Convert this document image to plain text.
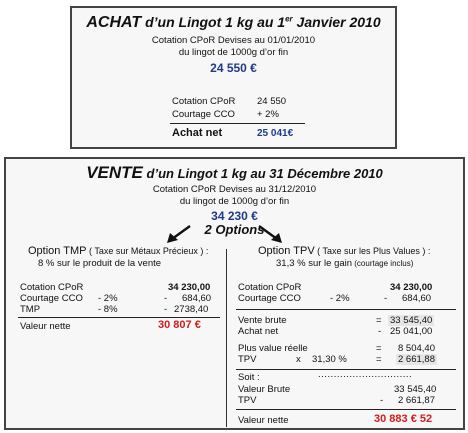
ACHAT d’un Lingot 1 kg au 1er Janvier 2010
Cotation CPoR Devises au 01/01/2010
du lingot de 1000g d’or fin
24 550 €
Cotation CPoR 24 550
Courtage CCO + 2%
Achat net	25 041€
VENTE d’un Lingot 1 kg au 31 Décembre 2010
Cotation CPoR Devises au 31/12/2010
du lingot de 1000g d’or fin
34 230 €
2 Options
Option TMP ( Taxe sur Métaux Précieux ) :
8 % sur le produit de la vente
Cotation CPoR	34 230,00
Courtage CCO - 2%	- 684,60
TMP	- 8%	- 2738,40
Valeur nette	30 807 €
Option TPV ( Taxe sur les Plus Values ) :
31,3 % sur le gain (courtage inclus)
Cotation CPoR	34 230,00
Courtage CCO	- 2%	- 684,60
Vente brute	= 33 545,40
Achat net	- 25 041,00
Plus value réelle	= 8 504,40
TPV	x 31,30 %	= 2 661,88
Soit :	..............................
Valeur Brute	33 545,40
TPV	- 2 661,87
Valeur nette	30 883 € 52
